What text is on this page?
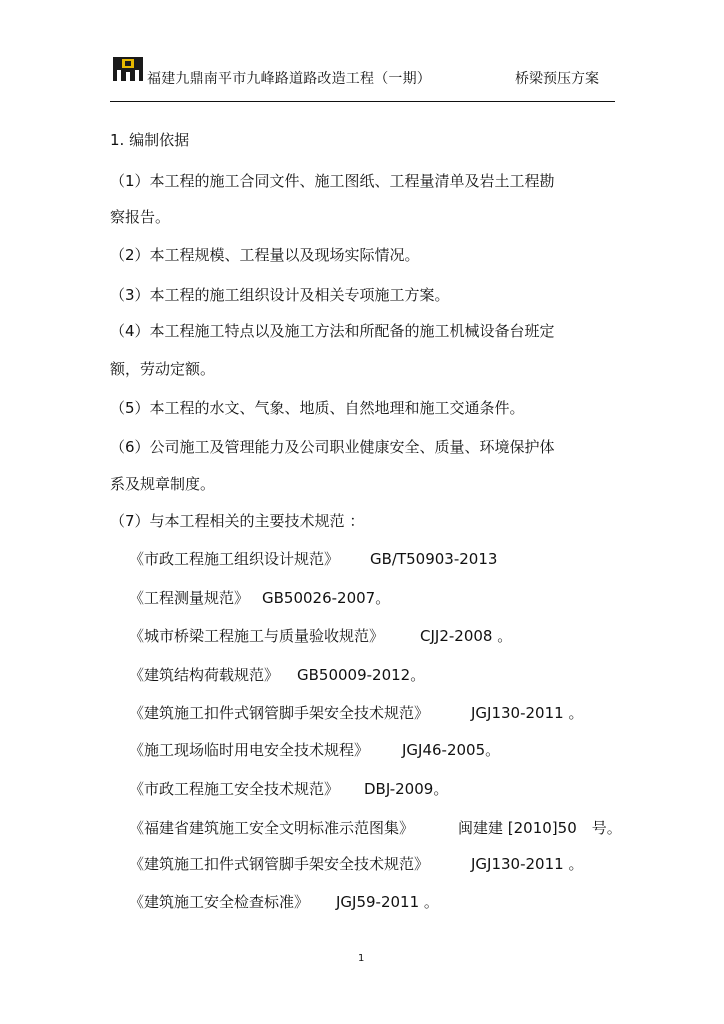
福建九鼎南平市九峰路道路改造工程（一期）	桥梁预压方案
1. 编制依据
（1）本工程的施工合同文件、施工图纸、工程量清单及岩土工程勘
察报告。
（2）本工程规模、工程量以及现场实际情况。
（3）本工程的施工组织设计及相关专项施工方案。
（4）本工程施工特点以及施工方法和所配备的施工机械设备台班定
额，劳动定额。
（5）本工程的水文、气象、地质、自然地理和施工交通条件。
（6）公司施工及管理能力及公司职业健康安全、质量、环境保护体
系及规章制度。
（7）与本工程相关的主要技术规范 ：
《市政工程施工组织设计规范》 GB/T50903-2013
《工程测量规范》 GB50026-2007。
《城市桥梁工程施工与质量验收规范》 CJJ2-2008 。
《建筑结构荷载规范》 GB50009-2012。
《建筑施工扣件式钢管脚手架安全技术规范》	JGJ130-2011 。
《施工现场临时用电安全技术规程》 JGJ46-2005。
《市政工程施工安全技术规范》 DBJ-2009。
《福建省建筑施工安全文明标准示范图集》	闽建建 [2010]50　号。
《建筑施工扣件式钢管脚手架安全技术规范》	JGJ130-2011 。
《建筑施工安全检查标准》 JGJ59-2011 。
1
